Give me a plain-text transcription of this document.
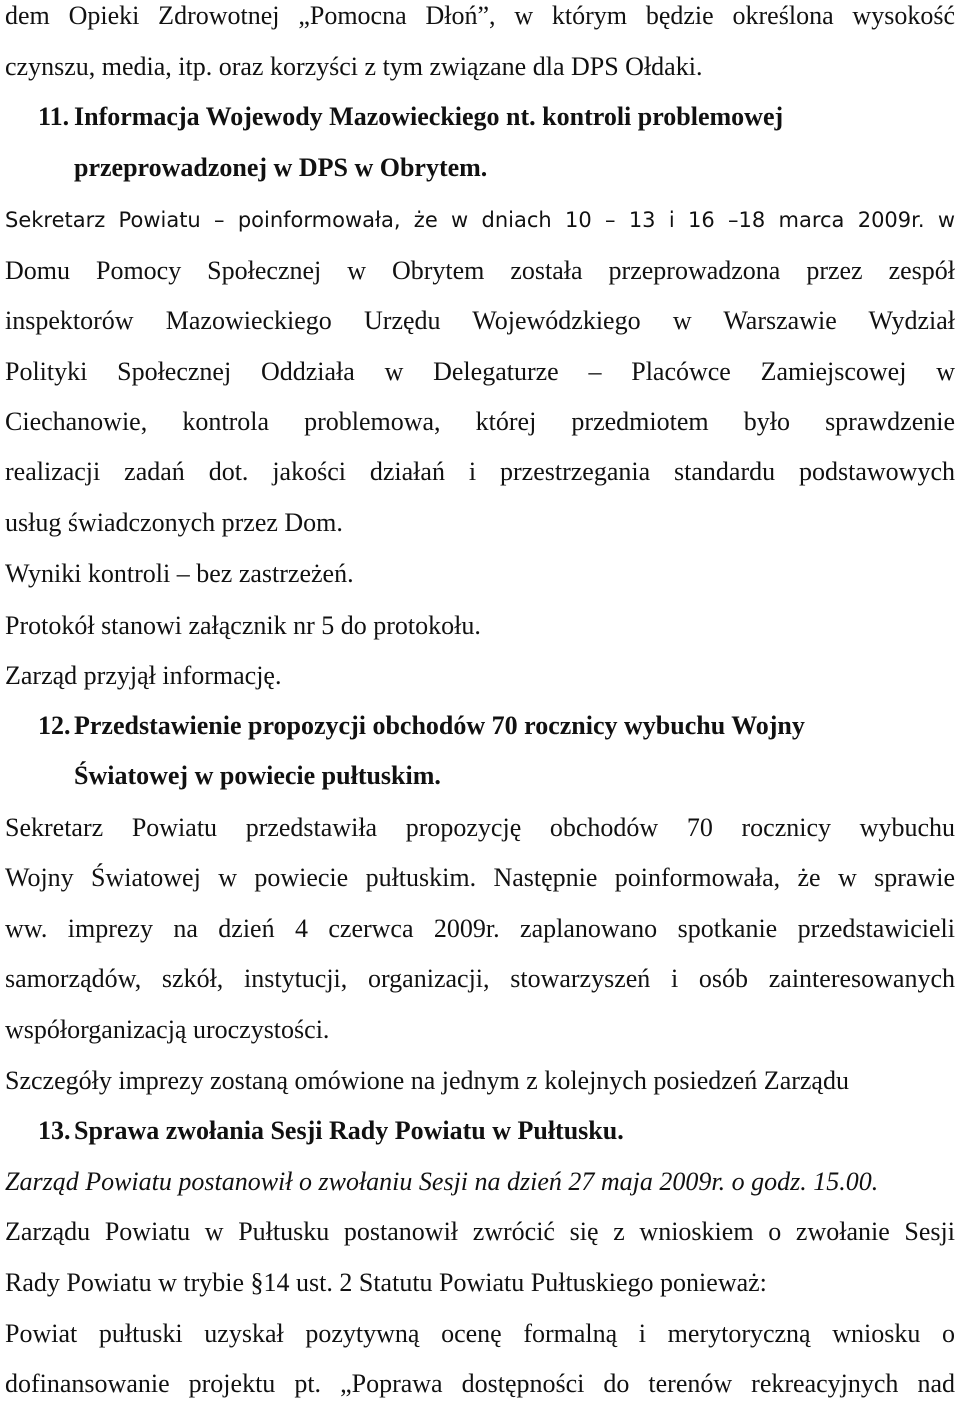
dem Opieki Zdrowotnej „Pomocna Dłoń”, w którym będzie określona wysokość
czynszu, media, itp. oraz korzyści z tym związane dla DPS Ołdaki.
11. Informacja Wojewody Mazowieckiego nt. kontroli problemowej
przeprowadzonej w DPS w Obrytem.
Sekretarz Powiatu – poinformowała, że w dniach 10 – 13 i 16 –18 marca 2009r. w
Domu Pomocy Społecznej w Obrytem została przeprowadzona przez zespół
inspektorów Mazowieckiego Urzędu Wojewódzkiego w Warszawie Wydział
Polityki Społecznej Oddziała w Delegaturze – Placówce Zamiejscowej w
Ciechanowie, kontrola problemowa, której przedmiotem było sprawdzenie
realizacji zadań dot. jakości działań i przestrzegania standardu podstawowych
usług świadczonych przez Dom.
Wyniki kontroli – bez zastrzeżeń.
Protokół stanowi załącznik nr 5 do protokołu.
Zarząd przyjął informację.
12. Przedstawienie propozycji obchodów 70 rocznicy wybuchu Wojny
Światowej w powiecie pułtuskim.
Sekretarz Powiatu przedstawiła propozycję obchodów 70 rocznicy wybuchu
Wojny Światowej w powiecie pułtuskim. Następnie poinformowała, że w sprawie
ww. imprezy na dzień 4 czerwca 2009r. zaplanowano spotkanie przedstawicieli
samorządów, szkół, instytucji, organizacji, stowarzyszeń i osób zainteresowanych
współorganizacją uroczystości.
Szczegóły imprezy zostaną omówione na jednym z kolejnych posiedzeń Zarządu
13. Sprawa zwołania Sesji Rady Powiatu w Pułtusku.
Zarząd Powiatu postanowił o zwołaniu Sesji na dzień 27 maja 2009r. o godz. 15.00.
Zarządu Powiatu w Pułtusku postanowił zwrócić się z wnioskiem o zwołanie Sesji
Rady Powiatu w trybie §14 ust. 2 Statutu Powiatu Pułtuskiego ponieważ:
Powiat pułtuski uzyskał pozytywną ocenę formalną i merytoryczną wniosku o
dofinansowanie projektu pt. „Poprawa dostępności do terenów rekreacyjnych nad
